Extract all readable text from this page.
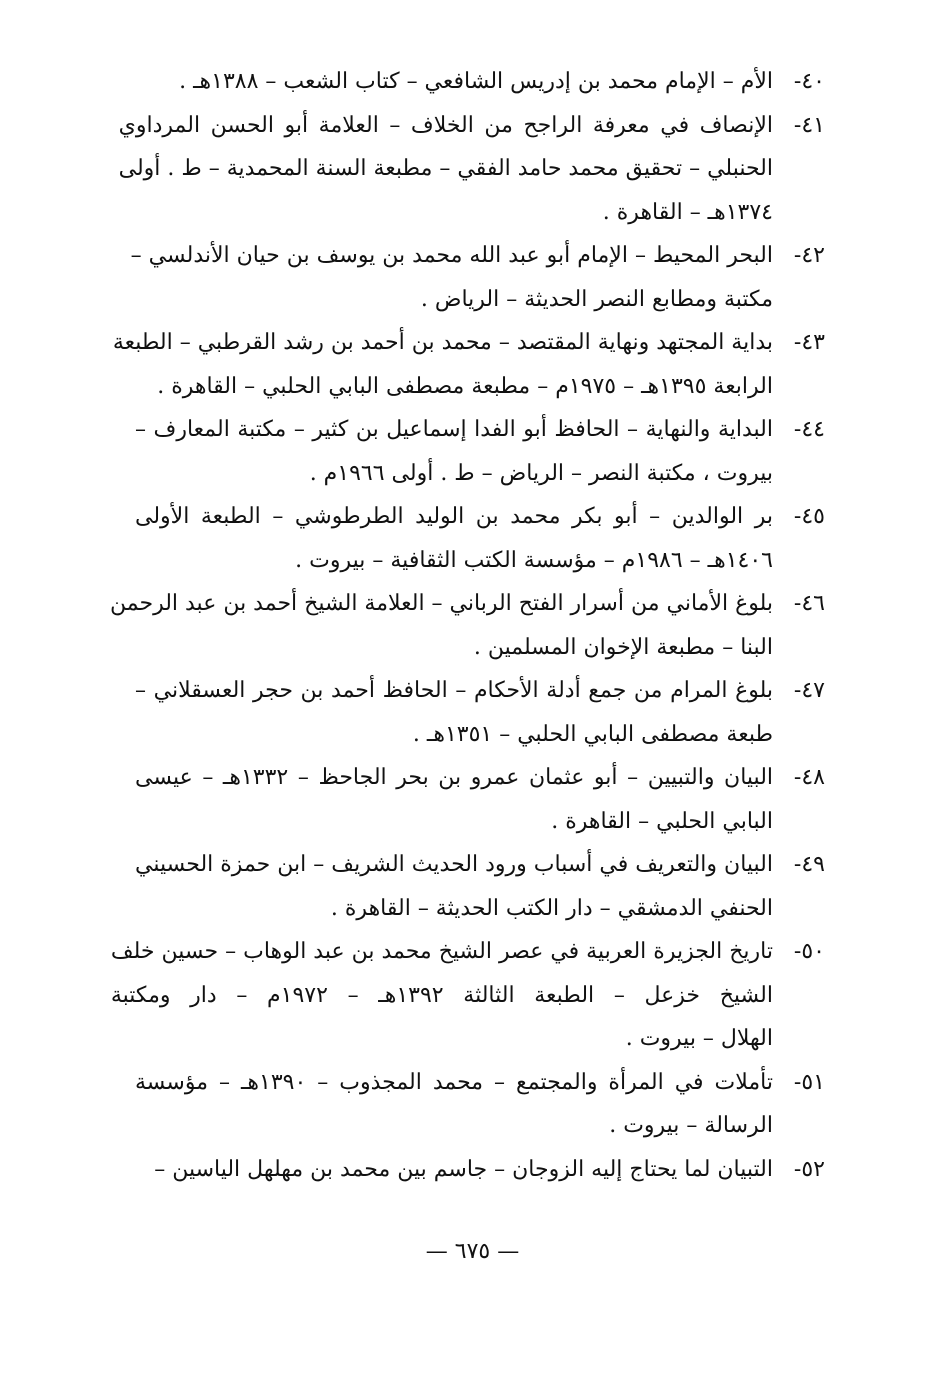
٤٠-
الأم – الإمام محمد بن إدريس الشافعي – كتاب الشعب – ١٣٨٨هـ .
٤١-
الإنصاف في معرفة الراجح من الخلاف – العلامة أبو الحسن المرداوي
الحنبلي – تحقيق محمد حامد الفقي – مطبعة السنة المحمدية – ط . أولى
١٣٧٤هـ – القاهرة .
٤٢-
البحر المحيط – الإمام أبو عبد الله محمد بن يوسف بن حيان الأندلسي –
مكتبة ومطابع النصر الحديثة – الرياض .
٤٣-
بداية المجتهد ونهاية المقتصد – محمد بن أحمد بن رشد القرطبي – الطبعة
الرابعة ١٣٩٥هـ – ١٩٧٥م – مطبعة مصطفى البابي الحلبي – القاهرة .
٤٤-
البداية والنهاية – الحافظ أبو الفدا إسماعيل بن كثير – مكتبة المعارف –
بيروت ، مكتبة النصر – الرياض – ط . أولى ١٩٦٦م .
٤٥-
بر الوالدين – أبو بكر محمد بن الوليد الطرطوشي – الطبعة الأولى
١٤٠٦هـ – ١٩٨٦م – مؤسسة الكتب الثقافية – بيروت .
٤٦-
بلوغ الأماني من أسرار الفتح الرباني – العلامة الشيخ أحمد بن عبد الرحمن
البنا – مطبعة الإخوان المسلمين .
٤٧-
بلوغ المرام من جمع أدلة الأحكام – الحافظ أحمد بن حجر العسقلاني –
طبعة مصطفى البابي الحلبي – ١٣٥١هـ .
٤٨-
البيان والتبيين – أبو عثمان عمرو بن بحر الجاحظ – ١٣٣٢هـ – عيسى
البابي الحلبي – القاهرة .
٤٩-
البيان والتعريف في أسباب ورود الحديث الشريف – ابن حمزة الحسيني
الحنفي الدمشقي – دار الكتب الحديثة – القاهرة .
٥٠-
تاريخ الجزيرة العربية في عصر الشيخ محمد بن عبد الوهاب – حسين خلف
الشيخ خزعل – الطبعة الثالثة ١٣٩٢هـ – ١٩٧٢م – دار ومكتبة
الهلال – بيروت .
٥١-
تأملات في المرأة والمجتمع – محمد المجذوب – ١٣٩٠هـ – مؤسسة
الرسالة – بيروت .
٥٢-
التبيان لما يحتاج إليه الزوجان – جاسم بين محمد بن مهلهل الياسين –
— ٦٧٥ —
